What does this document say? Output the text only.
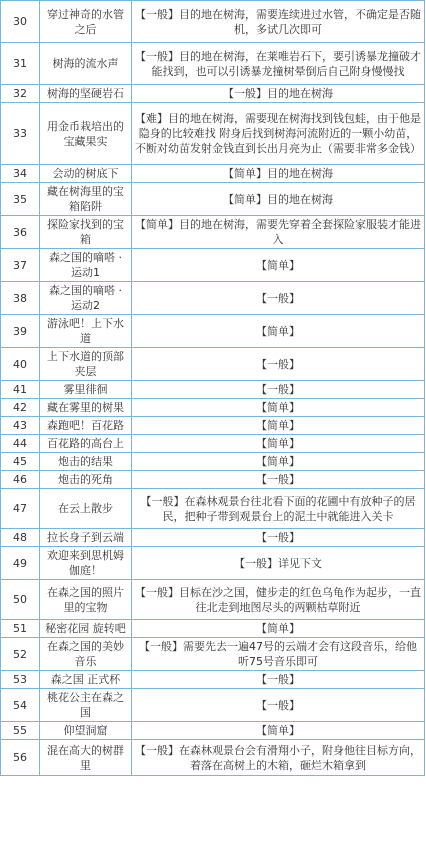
30	穿过神奇的水管之后	【一般】目的地在树海，需要连续进过水管，不确定是否随机，多试几次即可
31	树海的流水声	【一般】目的地在树海，在莱唯岩石下，要引诱暴龙撞破才能找到，也可以引诱暴龙撞树晕倒后自己附身慢慢找
32	树海的坚硬岩石	【一般】目的地在树海
33	用金币栽培出的宝藏果实	【难】目的地在树海，需要现在树海找到钱包蛙，由于他是隐身的比较难找 附身后找到树海河流附近的一颗小幼苗，不断对幼苗发射金钱直到长出月亮为止（需要非常多金钱）
34	会动的树底下	【简单】目的地在树海
35	藏在树海里的宝箱陷阱	【简单】目的地在树海
36	探险家找到的宝箱	【简单】目的地在树海，需要先穿着全套探险家服装才能进入
37	森之国的嘀嗒 · 运动1	【简单】
38	森之国的嘀嗒 · 运动2	【一般】
39	游泳吧！上下水道	【简单】
40	上下水道的顶部夹层	【一般】
41	雾里徘徊	【一般】
42	藏在雾里的树果	【简单】
43	森跑吧！百花路	【简单】
44	百花路的高台上	【简单】
45	炮击的结果	【简单】
46	炮击的死角	【一般】
47	在云上散步	【一般】在森林观景台往北看下面的花圃中有放种子的居民，把种子带到观景台上的泥土中就能进入关卡
48	拉长身子到云端	【一般】
49	欢迎来到思机姆伽庭！	【一般】详见下文
50	在森之国的照片里的宝物	【一般】目标在沙之国，健步走的红色乌龟作为起步，一直往北走到地图尽头的两颗枯草附近
51	秘密花园 旋转吧	【简单】
52	在森之国的美妙音乐	【一般】需要先去一遍47号的云端才会有这段音乐，给他听75号音乐即可
53	森之国 正式杯	【一般】
54	桃花公主在森之国	【一般】
55	仰望洞窟	【简单】
56	混在高大的树群里	【一般】在森林观景台会有滑翔小子，附身他往目标方向，着落在高树上的木箱，砸烂木箱拿到
